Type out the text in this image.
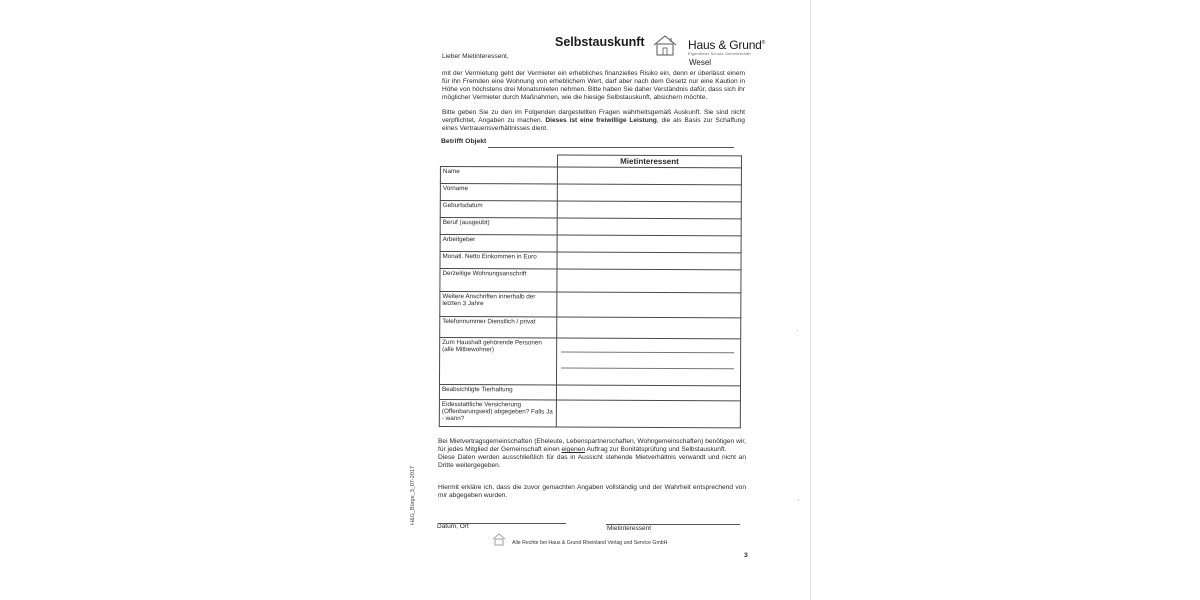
Selbstauskunft	Haus & Grund®
Eigentümer Schutz-Gemeinschaft
Wesel
Lieber Mietinteressent,
mit der Vermietung geht der Vermieter ein erhebliches finanzielles Risiko ein, denn er überlässt einem für ihn Fremden eine Wohnung von erheblichem Wert, darf aber nach dem Gesetz nur eine Kaution in Höhe von höchstens drei Monatsmieten nehmen. Bitte haben Sie daher Verständnis dafür, dass sich ihr möglicher Vermieter durch Maßnahmen, wie die hiesige Selbstauskunft, absichern möchte.
Bitte geben Sie zu den im Folgenden dargestellten Fragen wahrheitsgemäß Auskunft. Sie sind nicht verpflichtet, Angaben zu machen. Dieses ist eine freiwillige Leistung, die als Basis zur Schaffung eines Vertrauensverhältnisses dient.
Betrifft Objekt
	Mietinteressent
Name	
Vorname	
Geburtsdatum	
Beruf (ausgeübt)	
Arbeitgeber	
Monatl. Netto Einkommen in Euro	
Derzeitige Wohnungsanschrift	
Weitere Anschriften innerhalb der letzten 3 Jahre	
Telefonnummer Dienstlich / privat	
Zum Haushalt gehörende Personen (alle Mitbewohner)	

Beabsichtigte Tierhaltung	
Eidesstattliche Versicherung (Offenbarungseid) abgegeben? Falls Ja - wann?	
Bei Mietvertragsgemeinschaften (Eheleute, Lebenspartnerschaften, Wohngemeinschaften) benötigen wir, für jedes Mitglied der Gemeinschaft einen eigenen Auftrag zur Bonitätsprüfung und Selbstauskunft.
Diese Daten werden ausschließlich für das in Aussicht stehende Mietverhältnis verwandt und nicht an Dritte weitergegeben.
Hiermit erkläre ich, dass die zuvor gemachten Angaben vollständig und der Wahrheit entsprechend von mir abgegeben wurden.
H&G_Bürge_3_07-2017
Datum, Ort	Mietinteressent
Alle Rechte bei Haus & Grund Rheinland Verlag und Service GmbH
3
